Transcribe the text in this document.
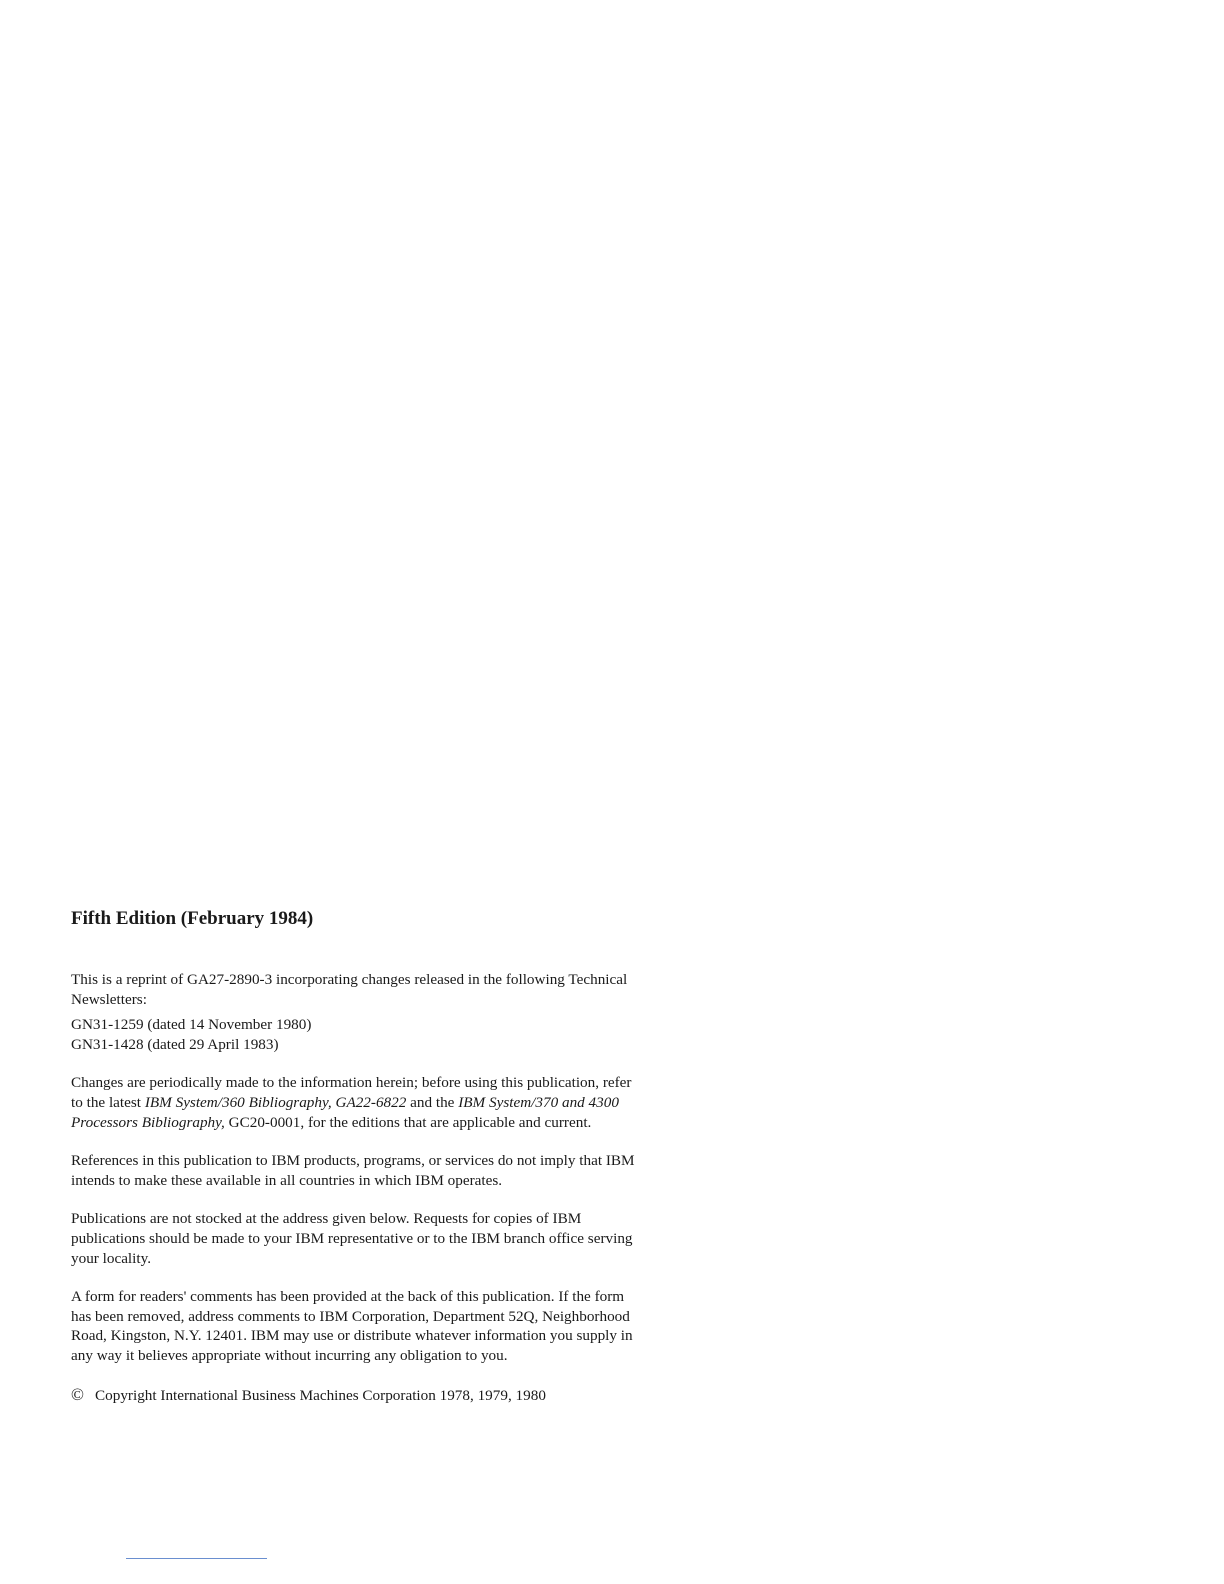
Fifth Edition (February 1984)
This is a reprint of GA27-2890-3 incorporating changes released in the following Technical
Newsletters:
GN31-1259 (dated 14 November 1980)
GN31-1428 (dated 29 April 1983)
Changes are periodically made to the information herein; before using this publication, refer
to the latest IBM System/360 Bibliography, GA22-6822 and the IBM System/370 and 4300
Processors Bibliography, GC20-0001, for the editions that are applicable and current.
References in this publication to IBM products, programs, or services do not imply that IBM
intends to make these available in all countries in which IBM operates.
Publications are not stocked at the address given below. Requests for copies of IBM
publications should be made to your IBM representative or to the IBM branch office serving
your locality.
A form for readers' comments has been provided at the back of this publication. If the form
has been removed, address comments to IBM Corporation, Department 52Q, Neighborhood
Road, Kingston, N.Y. 12401. IBM may use or distribute whatever information you supply in
any way it believes appropriate without incurring any obligation to you.
© Copyright International Business Machines Corporation 1978, 1979, 1980
